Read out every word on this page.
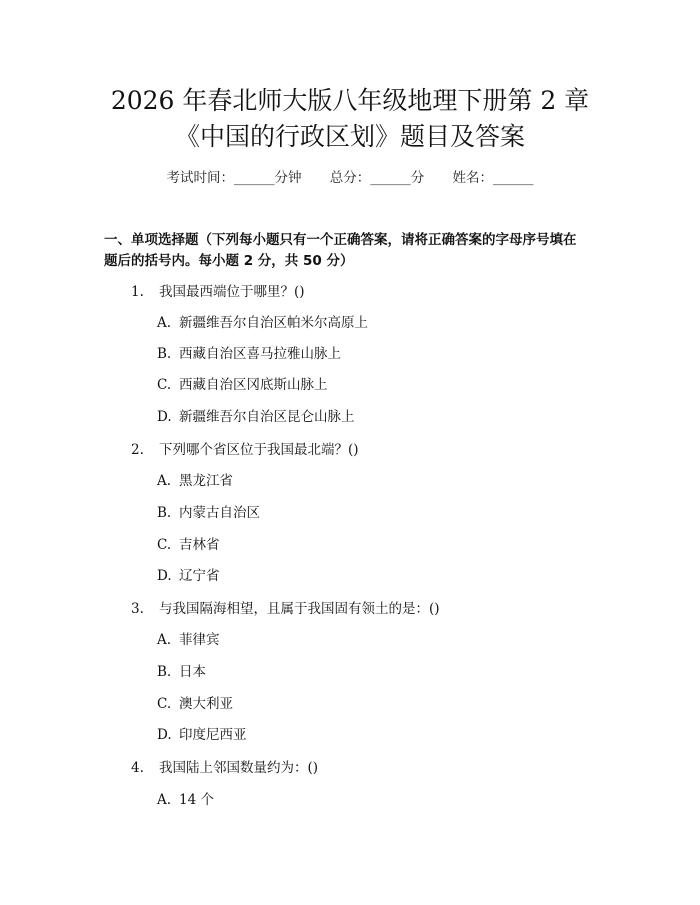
2026 年春北师大版八年级地理下册第 2 章
《中国的行政区划》题目及答案
考试时间：______分钟 总分：______分 姓名：______
一、单项选择题（下列每小题只有一个正确答案，请将正确答案的字母序号填在
题后的括号内。每小题 2 分，共 50 分）
1. 我国最西端位于哪里？()
A. 新疆维吾尔自治区帕米尔高原上
B. 西藏自治区喜马拉雅山脉上
C. 西藏自治区冈底斯山脉上
D. 新疆维吾尔自治区昆仑山脉上
2. 下列哪个省区位于我国最北端？()
A. 黑龙江省
B. 内蒙古自治区
C. 吉林省
D. 辽宁省
3. 与我国隔海相望，且属于我国固有领土的是：()
A. 菲律宾
B. 日本
C. 澳大利亚
D. 印度尼西亚
4. 我国陆上邻国数量约为：()
A. 14 个
